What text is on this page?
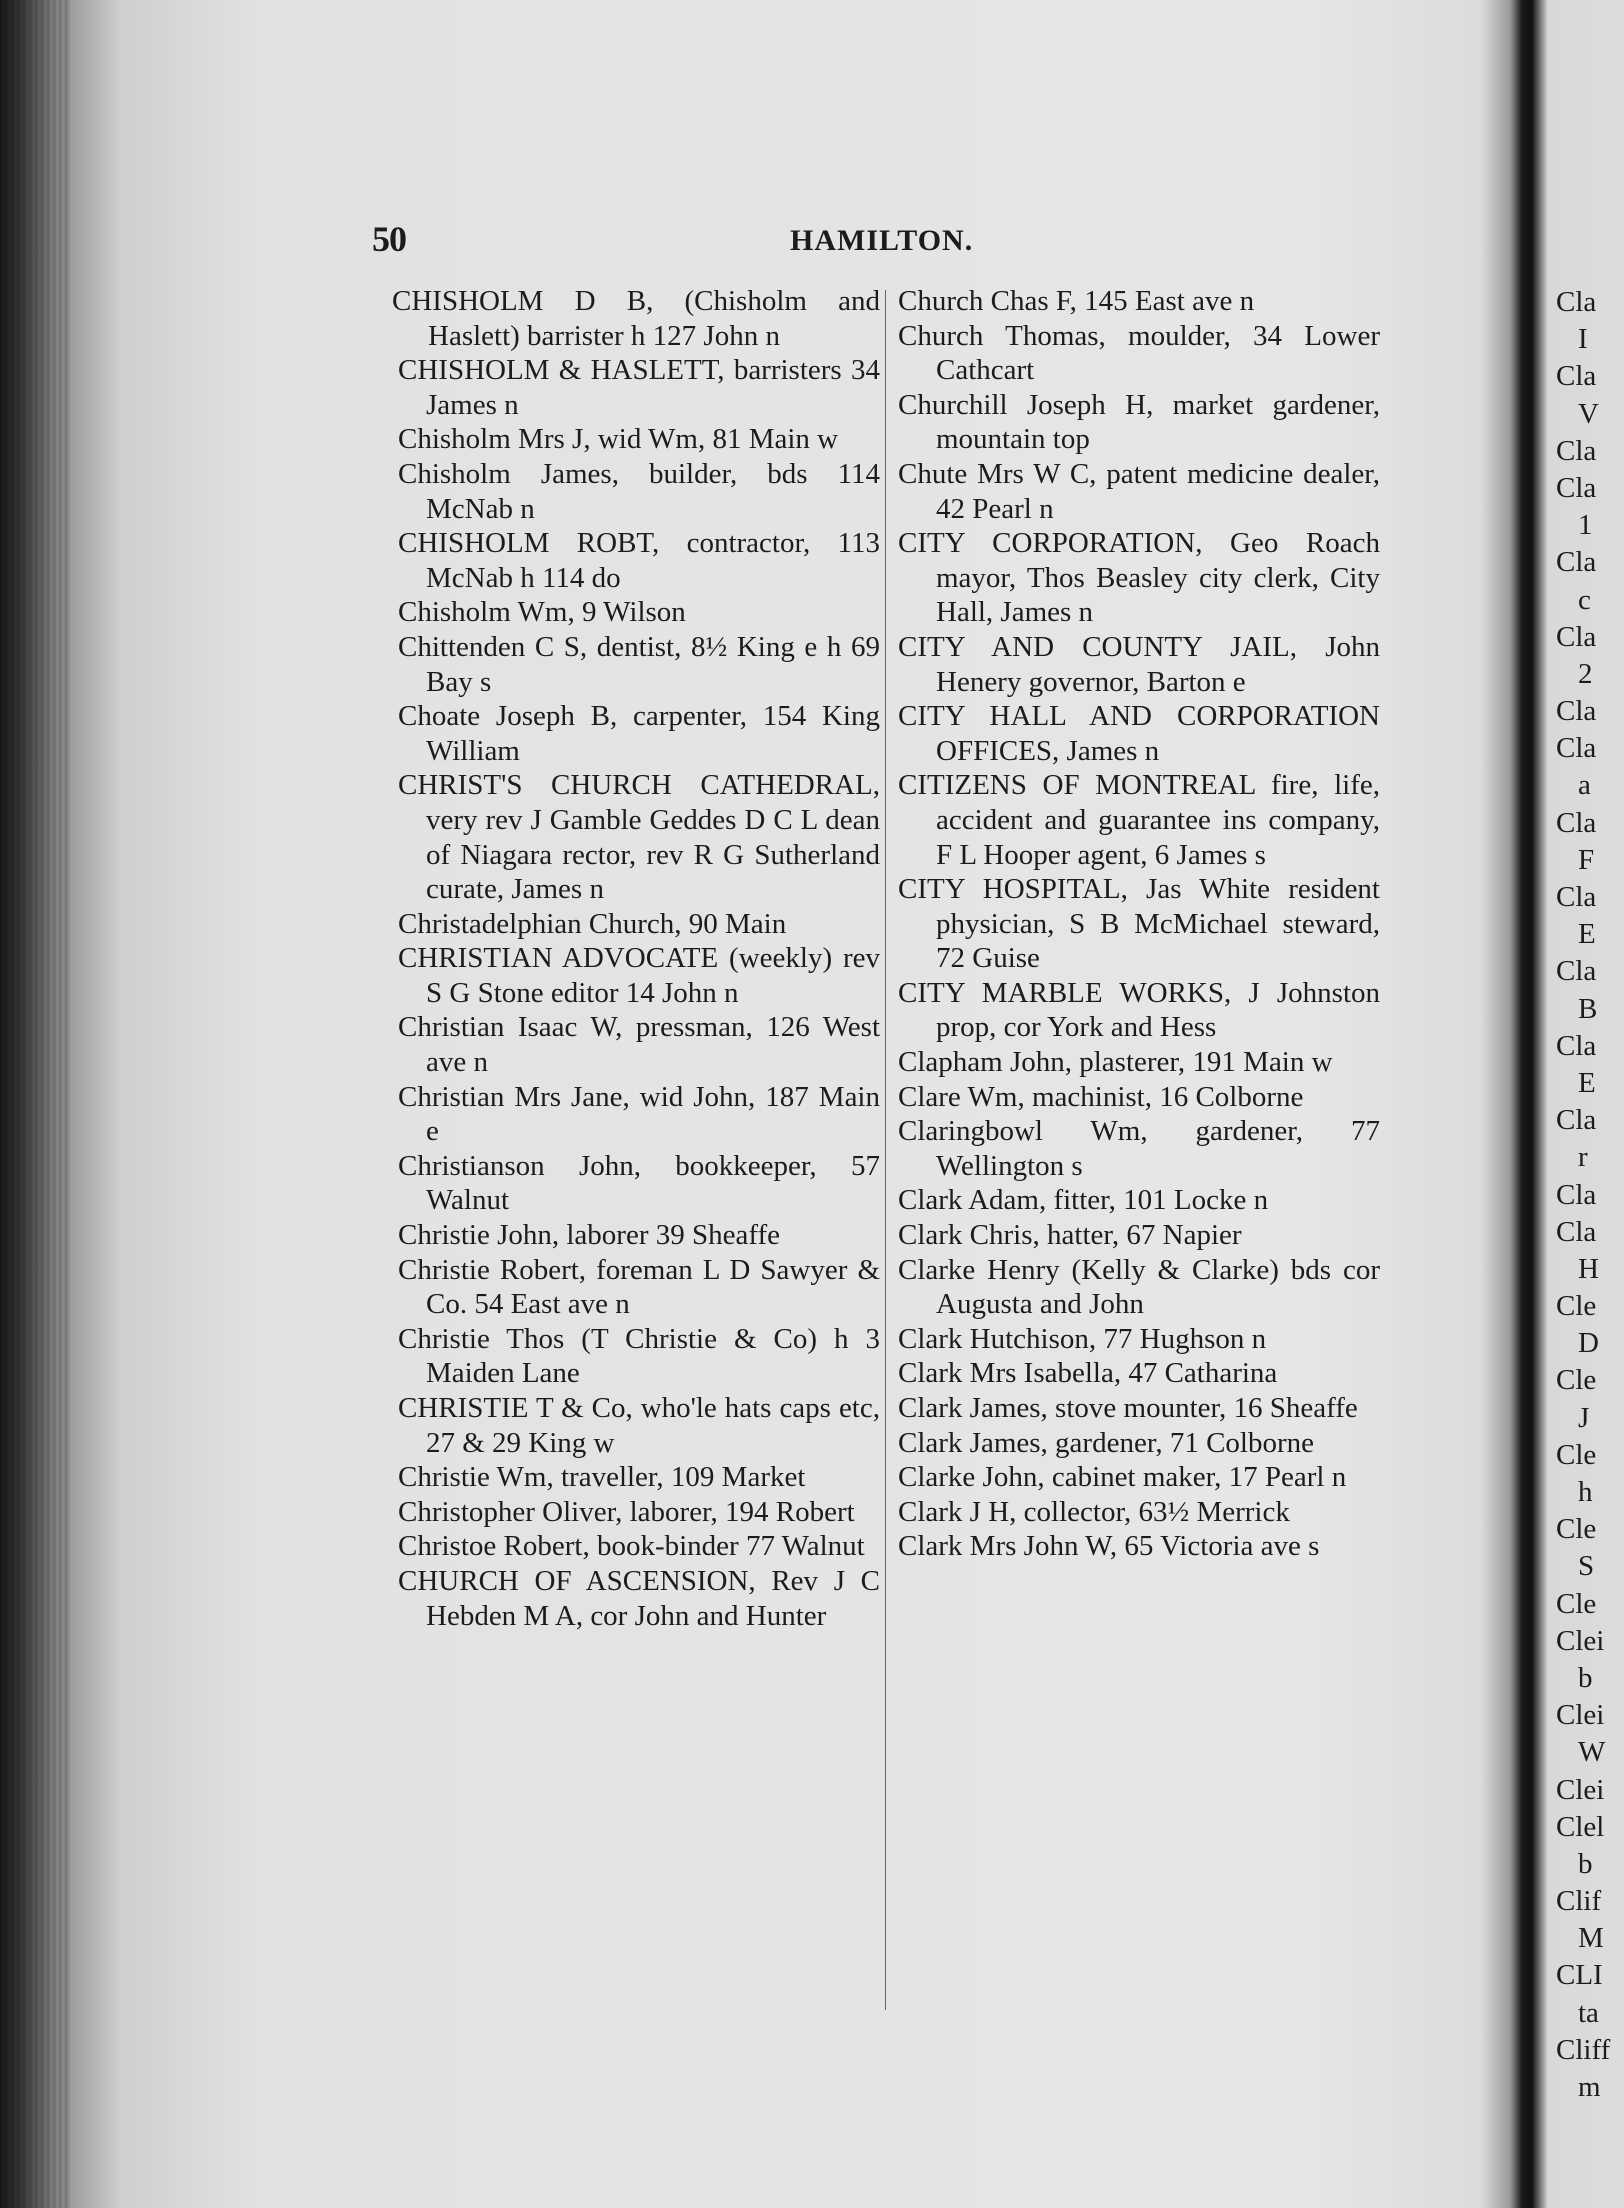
50	HAMILTON.

CHISHOLM D B, (Chisholm and Haslett) barrister h 127 John n

CHISHOLM & HASLETT, barristers 34 James n

Chisholm Mrs J, wid Wm, 81 Main w

Chisholm James, builder, bds 114 McNab n

CHISHOLM ROBT, contractor, 113 McNab h 114 do

Chisholm Wm, 9 Wilson

Chittenden C S, dentist, 8½ King e h 69 Bay s

Choate Joseph B, carpenter, 154 King William

CHRIST'S CHURCH CATHEDRAL, very rev J Gamble Geddes D C L dean of Niagara rector, rev R G Sutherland curate, James n

Christadelphian Church, 90 Main

CHRISTIAN ADVOCATE (weekly) rev S G Stone editor 14 John n

Christian Isaac W, pressman, 126 West ave n

Christian Mrs Jane, wid John, 187 Main e

Christianson John, bookkeeper, 57 Walnut

Christie John, laborer 39 Sheaffe

Christie Robert, foreman L D Sawyer & Co. 54 East ave n

Christie Thos (T Christie & Co) h 3 Maiden Lane

CHRISTIE T & Co, who'le hats caps etc, 27 & 29 King w

Christie Wm, traveller, 109 Market

Christopher Oliver, laborer, 194 Robert

Christoe Robert, book-binder 77 Walnut

CHURCH OF ASCENSION, Rev J C Hebden M A, cor John and Hunter

Church Chas F, 145 East ave n

Church Thomas, moulder, 34 Lower Cathcart

Churchill Joseph H, market gardener, mountain top

Chute Mrs W C, patent medicine dealer, 42 Pearl n

CITY CORPORATION, Geo Roach mayor, Thos Beasley city clerk, City Hall, James n

CITY AND COUNTY JAIL, John Henery governor, Barton e

CITY HALL AND CORPORATION OFFICES, James n

CITIZENS OF MONTREAL fire, life, accident and guarantee ins company, F L Hooper agent, 6 James s

CITY HOSPITAL, Jas White resident physician, S B McMichael steward, 72 Guise

CITY MARBLE WORKS, J Johnston prop, cor York and Hess

Clapham John, plasterer, 191 Main w

Clare Wm, machinist, 16 Colborne

Claringbowl Wm, gardener, 77 Wellington s

Clark Adam, fitter, 101 Locke n

Clark Chris, hatter, 67 Napier

Clarke Henry (Kelly & Clarke) bds cor Augusta and John

Clark Hutchison, 77 Hughson n

Clark Mrs Isabella, 47 Catharina

Clark James, stove mounter, 16 Sheaffe

Clark James, gardener, 71 Colborne

Clarke John, cabinet maker, 17 Pearl n

Clark J H, collector, 63½ Merrick

Clark Mrs John W, 65 Victoria ave s

Cla
I
Cla
V
Cla
Cla
1
Cla
c
Cla
2
Cla
Cla
a
Cla
F
Cla
E
Cla
B
Cla
E
Cla
r
Cla
Cla
H
Cle
D
Cle
J
Cle
h
Cle
S
Cle
Clei
b
Clei
W
Clei
Clel
b
Clif
M
CLI
ta
Cliff
m
